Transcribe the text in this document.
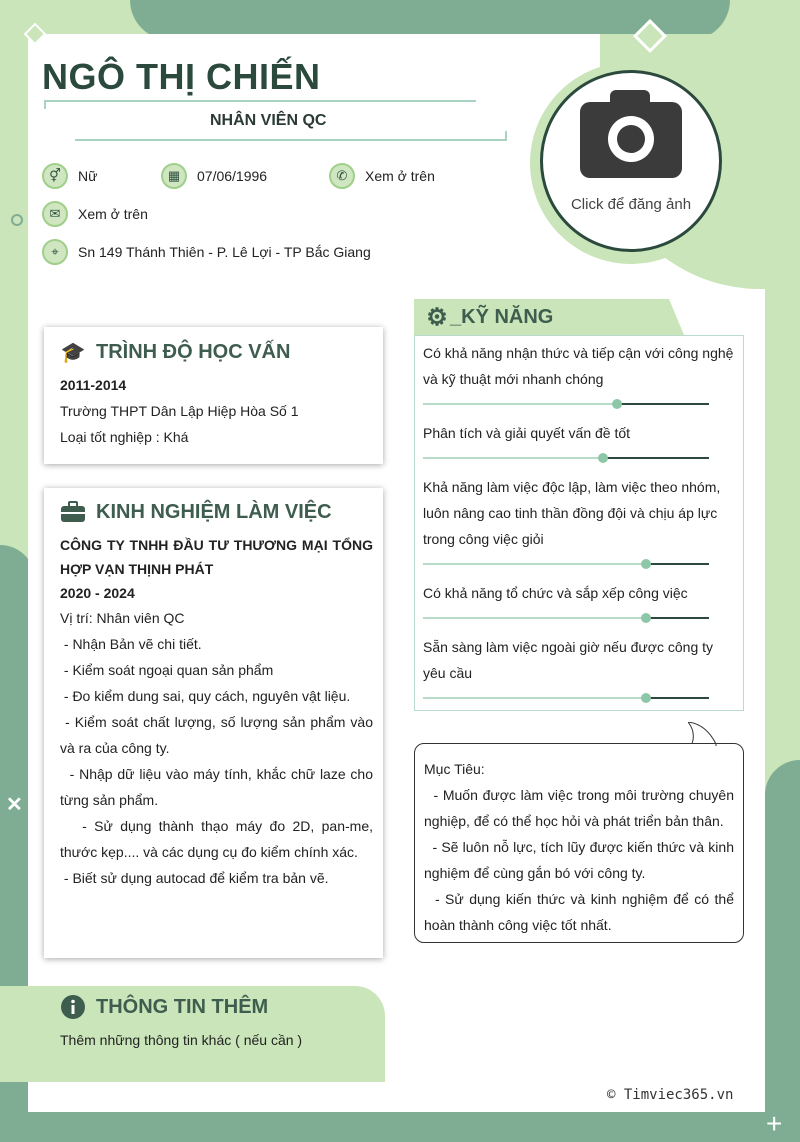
✕
+
NGÔ THỊ CHIẾN
NHÂN VIÊN QC
⚥	Nữ	▦	07/06/1996	✆	Xem ở trên
✉	Xem ở trên
⌖	Sn 149 Thánh Thiên - P. Lê Lợi - TP Bắc Giang
Click để đăng ảnh
🎓 TRÌNH ĐỘ HỌC VẤN
2011-2014
Trường THPT Dân Lập Hiệp Hòa Số 1
Loại tốt nghiệp : Khá
KINH NGHIỆM LÀM VIỆC
CÔNG TY TNHH ĐẦU TƯ THƯƠNG MẠI TỔNG HỢP VẠN THỊNH PHÁT
2020 - 2024
Vị trí: Nhân viên QC
- Nhận Bản vẽ chi tiết.
- Kiểm soát ngoại quan sản phẩm
- Đo kiểm dung sai, quy cách, nguyên vật liệu.
- Kiểm soát chất lượng, số lượng sản phẩm vào và ra của công ty.
- Nhập dữ liệu vào máy tính, khắc chữ laze cho từng sản phẩm.
- Sử dụng thành thạo máy đo 2D, pan-me, thước kẹp.... và các dụng cụ đo kiểm chính xác.
- Biết sử dụng autocad để kiểm tra bản vẽ.
⚙ _KỸ NĂNG
Có khả năng nhận thức và tiếp cận với công nghệ và kỹ thuật mới nhanh chóng
Phân tích và giải quyết vấn đề tốt
Khả năng làm việc độc lập, làm việc theo nhóm, luôn nâng cao tinh thần đồng đội và chịu áp lực trong công việc giỏi
Có khả năng tổ chức và sắp xếp công việc
Sẵn sàng làm việc ngoài giờ nếu được công ty yêu cầu
Mục Tiêu:
- Muốn được làm việc trong môi trường chuyên nghiệp, để có thể học hỏi và phát triển bản thân.
- Sẽ luôn nỗ lực, tích lũy được kiến thức và kinh nghiệm để cùng gắn bó với công ty.
- Sử dụng kiến thức và kinh nghiệm để có thể hoàn thành công việc tốt nhất.
THÔNG TIN THÊM
Thêm những thông tin khác ( nếu cần )
© Timviec365.vn
